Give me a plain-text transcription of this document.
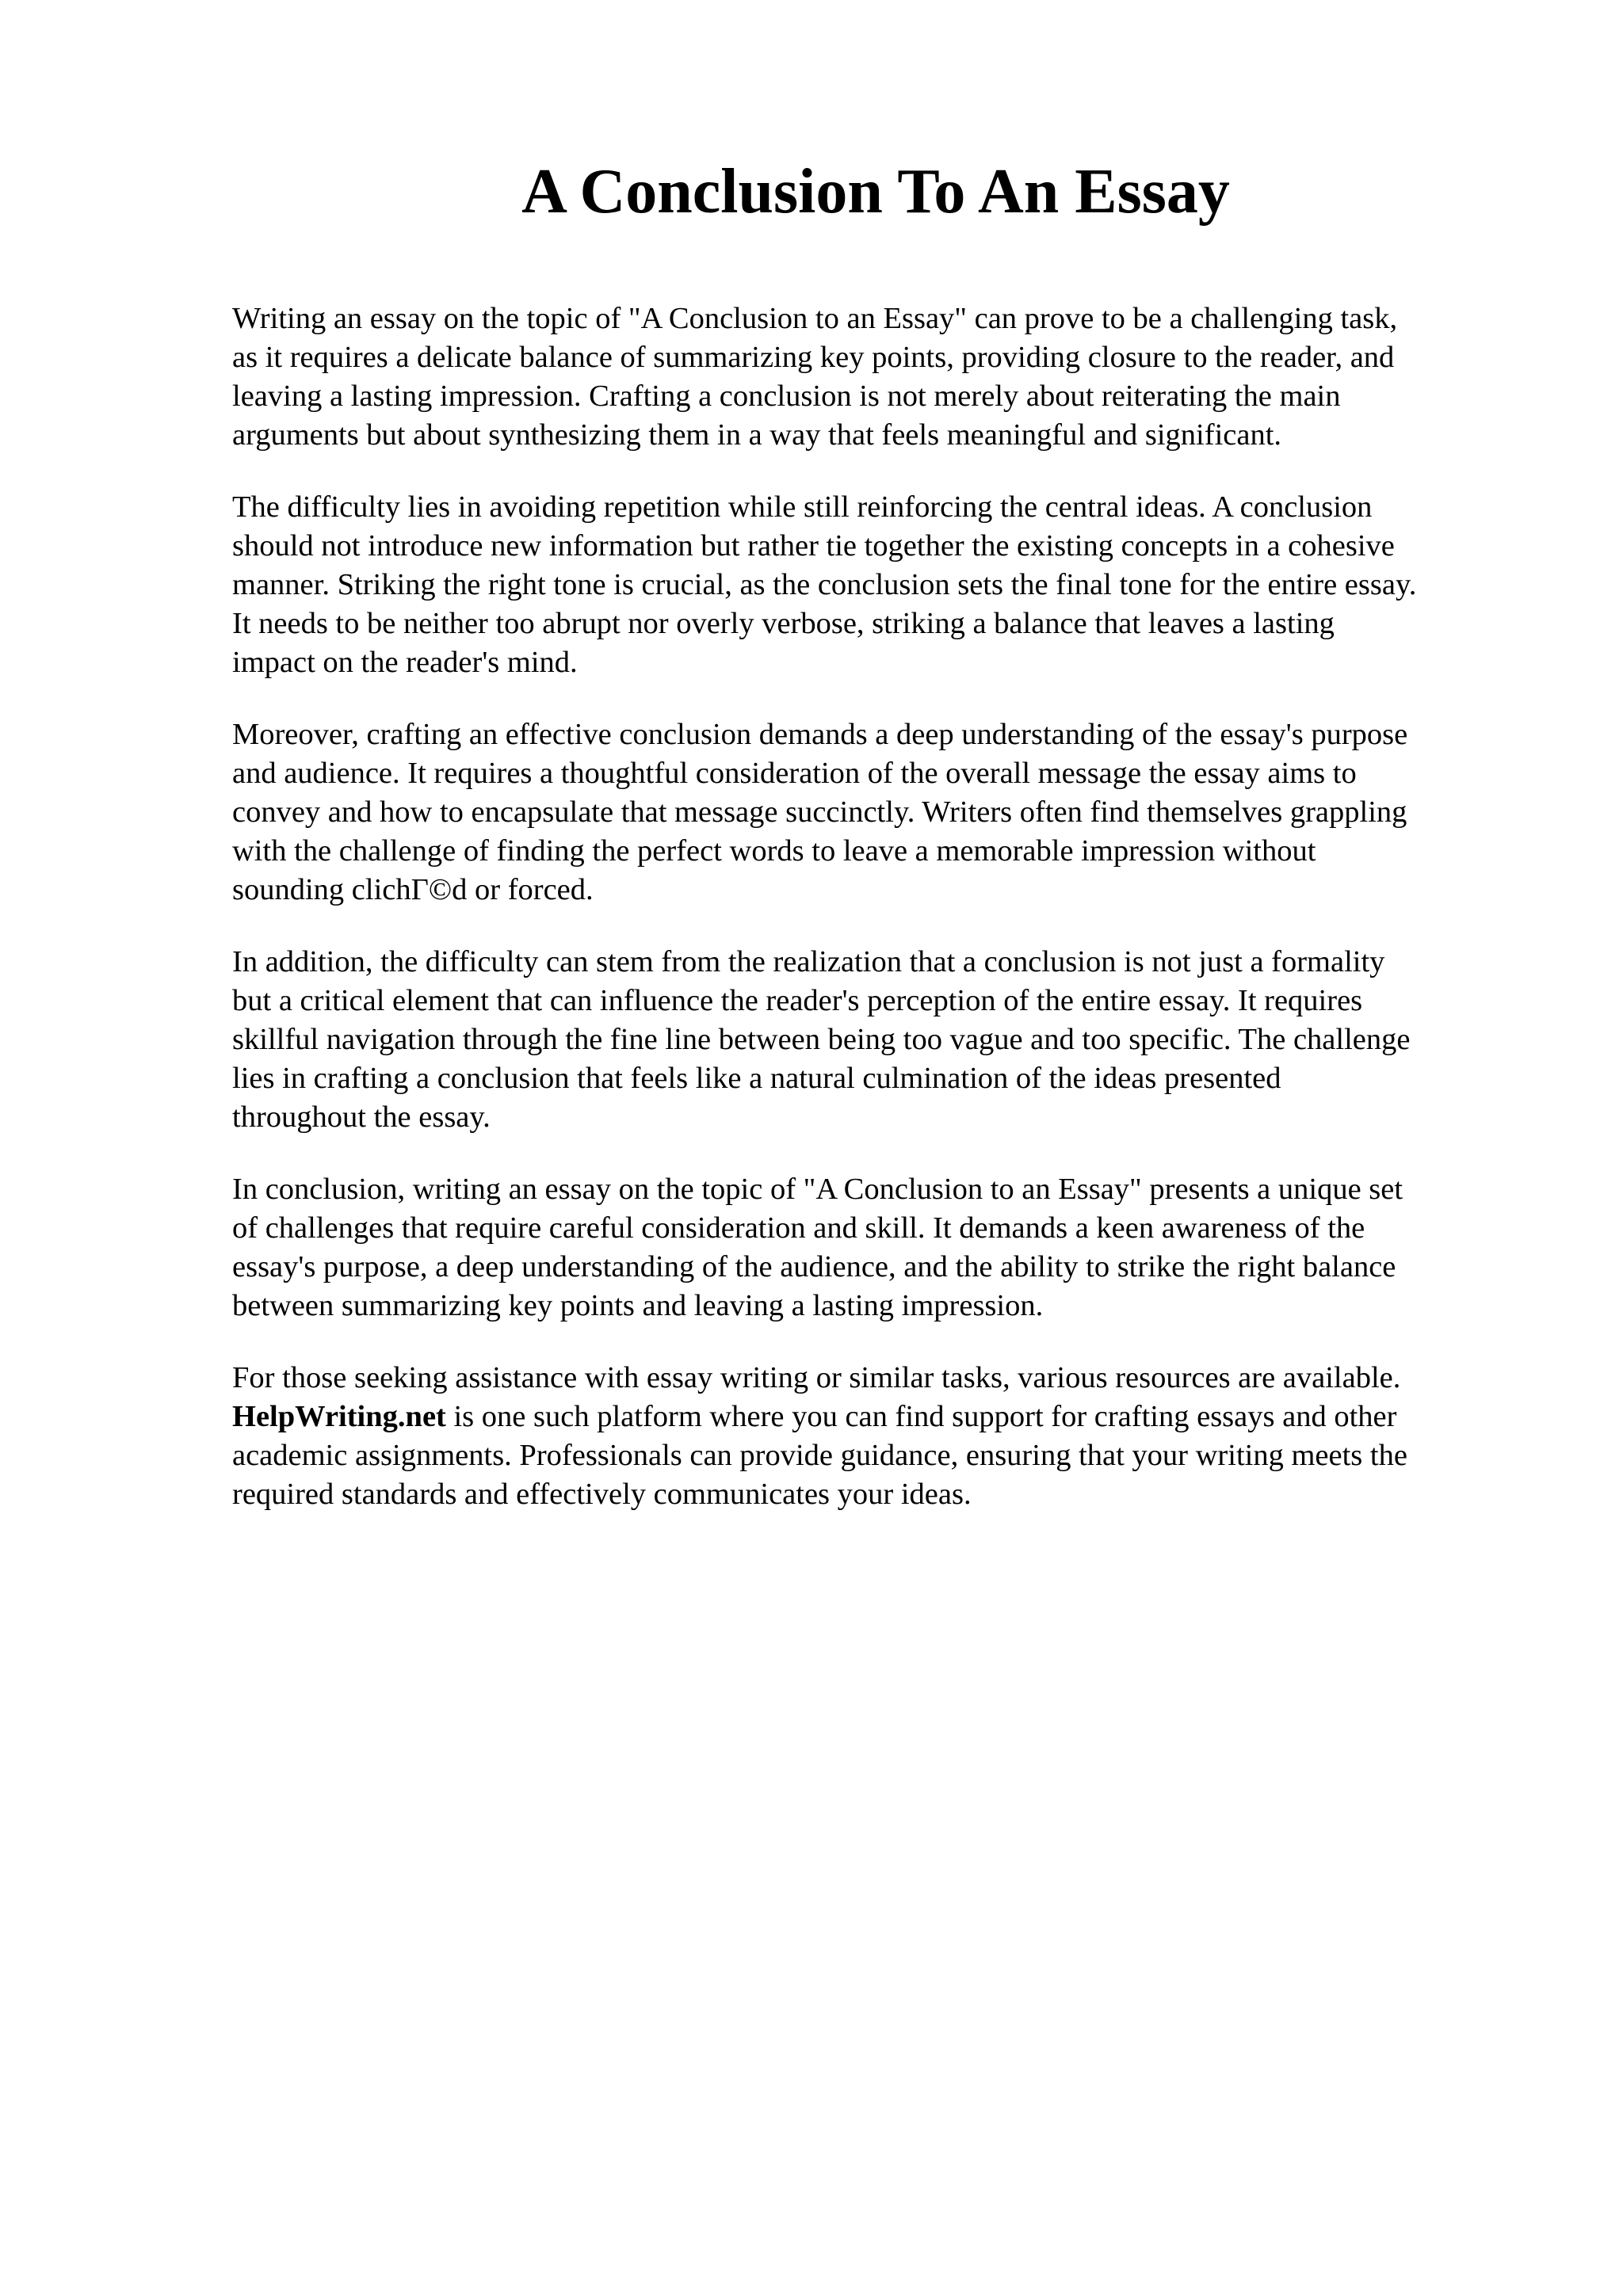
A Conclusion To An Essay

Writing an essay on the topic of "A Conclusion to an Essay" can prove to be a challenging task,
as it requires a delicate balance of summarizing key points, providing closure to the reader, and
leaving a lasting impression. Crafting a conclusion is not merely about reiterating the main
arguments but about synthesizing them in a way that feels meaningful and significant.

The difficulty lies in avoiding repetition while still reinforcing the central ideas. A conclusion
should not introduce new information but rather tie together the existing concepts in a cohesive
manner. Striking the right tone is crucial, as the conclusion sets the final tone for the entire essay.
It needs to be neither too abrupt nor overly verbose, striking a balance that leaves a lasting
impact on the reader's mind.

Moreover, crafting an effective conclusion demands a deep understanding of the essay's purpose
and audience. It requires a thoughtful consideration of the overall message the essay aims to
convey and how to encapsulate that message succinctly. Writers often find themselves grappling
with the challenge of finding the perfect words to leave a memorable impression without
sounding clichΓ©d or forced.

In addition, the difficulty can stem from the realization that a conclusion is not just a formality
but a critical element that can influence the reader's perception of the entire essay. It requires
skillful navigation through the fine line between being too vague and too specific. The challenge
lies in crafting a conclusion that feels like a natural culmination of the ideas presented
throughout the essay.

In conclusion, writing an essay on the topic of "A Conclusion to an Essay" presents a unique set
of challenges that require careful consideration and skill. It demands a keen awareness of the
essay's purpose, a deep understanding of the audience, and the ability to strike the right balance
between summarizing key points and leaving a lasting impression.

For those seeking assistance with essay writing or similar tasks, various resources are available.
HelpWriting.net is one such platform where you can find support for crafting essays and other
academic assignments. Professionals can provide guidance, ensuring that your writing meets the
required standards and effectively communicates your ideas.
